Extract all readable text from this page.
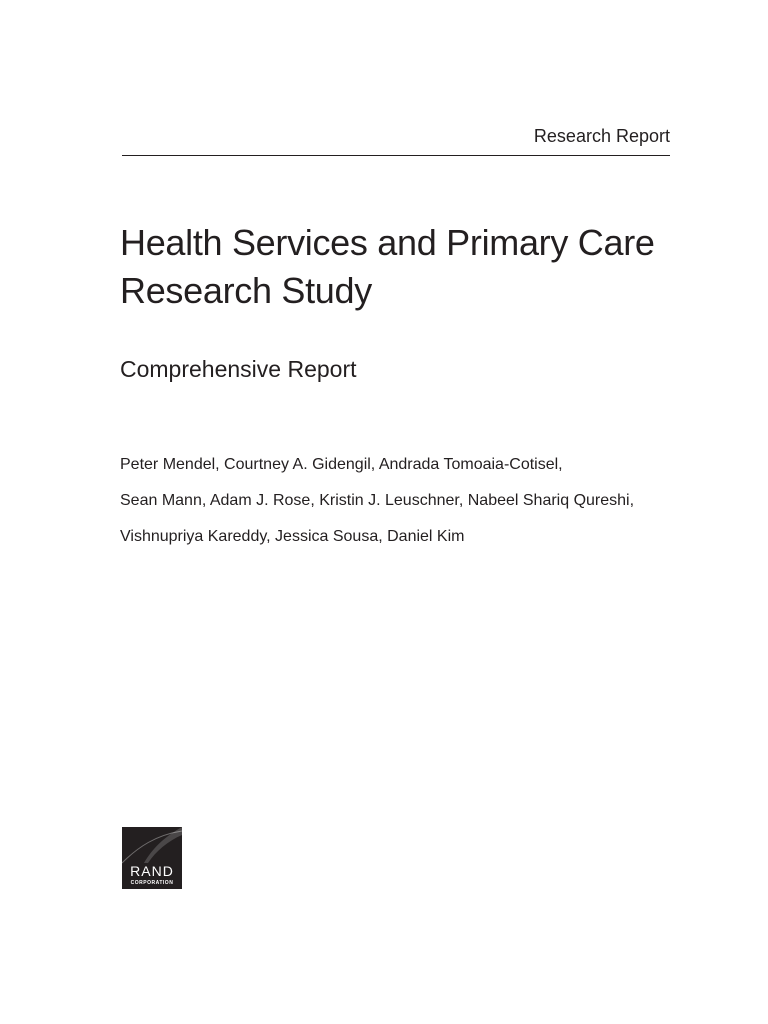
Research Report
Health Services and Primary Care
Research Study
Comprehensive Report
Peter Mendel, Courtney A. Gidengil, Andrada Tomoaia-Cotisel,
Sean Mann, Adam J. Rose, Kristin J. Leuschner, Nabeel Shariq Qureshi,
Vishnupriya Kareddy, Jessica Sousa, Daniel Kim
RAND
CORPORATION
